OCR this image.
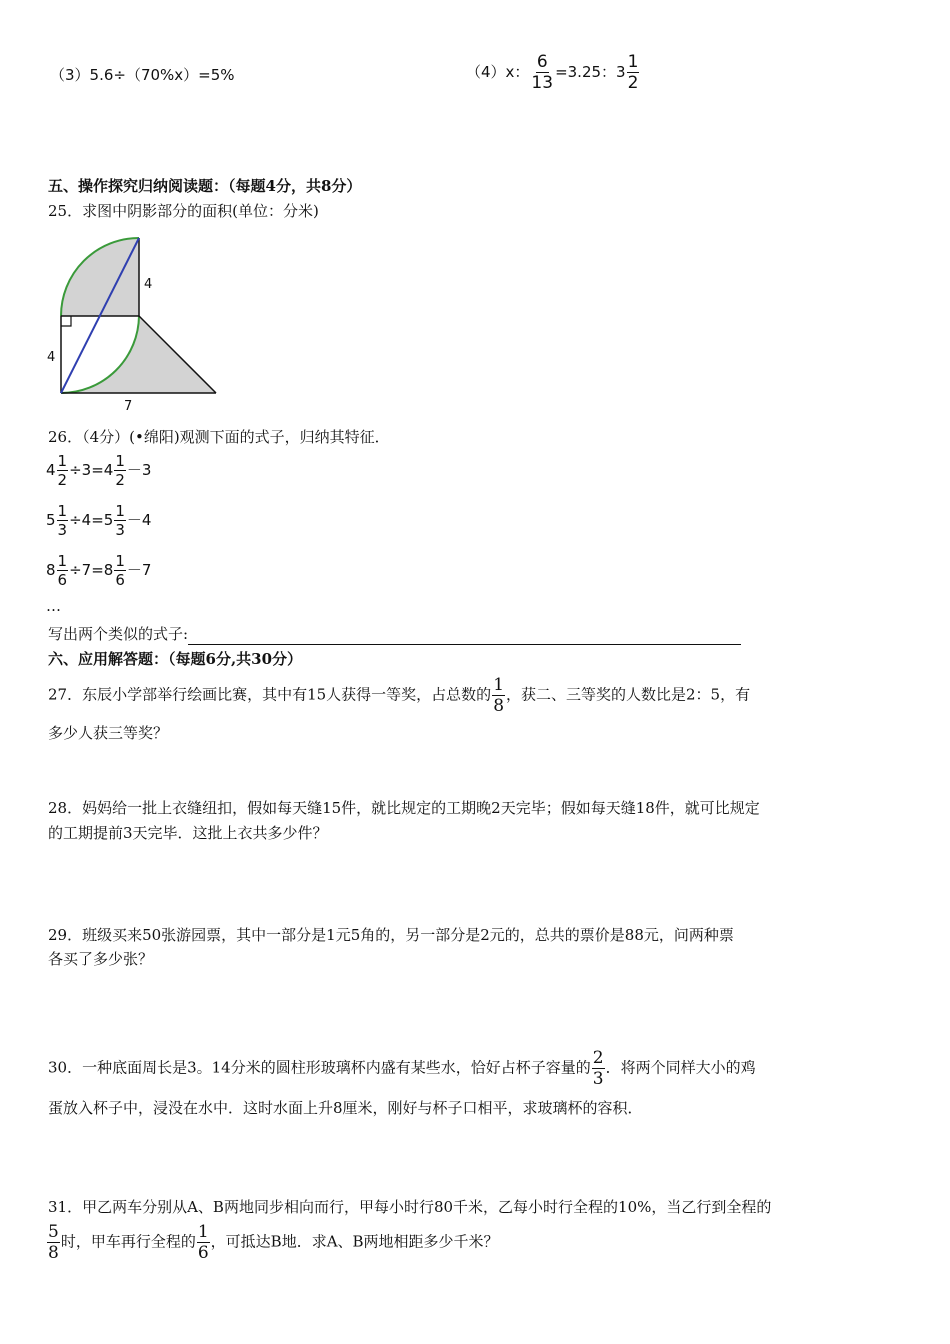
（3）5.6÷（70%x）=5%	（4）x： $\frac{6}{13} =3.25$：$3 \frac{1}{2}$
五、操作探究归纳阅读题：（每题4分，共8分）
25．求图中阴影部分的面积(单位：分米)
4
4
7
26．（4分）(•绵阳)观测下面的式子，归纳其特征．
$4 \frac{1}{2} \div 3=4 \frac{1}{2} -3$
$5 \frac{1}{3} \div 4=5 \frac{1}{3} -4$
$8 \frac{1}{6} \div 7=8 \frac{1}{6} -7$
…
写出两个类似的式子:
六、应用解答题：（每题6分,共30分）
27．东辰小学部举行绘画比赛，其中有15人获得一等奖，占总数的 $\frac{1}{8}$ ，获二、三等奖的人数比是2：5，有
多少人获三等奖？
28．妈妈给一批上衣缝纽扣，假如每天缝15件，就比规定的工期晚2天完毕；假如每天缝18件，就可比规定
的工期提前3天完毕．这批上衣共多少件？
29．班级买来50张游园票，其中一部分是1元5角的，另一部分是2元的，总共的票价是88元，问两种票
各买了多少张？
30．一种底面周长是3。14分米的圆柱形玻璃杯内盛有某些水，恰好占杯子容量的 $\frac{2}{3}$ ．将两个同样大小的鸡
蛋放入杯子中，浸没在水中．这时水面上升8厘米，刚好与杯子口相平，求玻璃杯的容积．
31．甲乙两车分别从A、B两地同步相向而行，甲每小时行80千米，乙每小时行全程的10%，当乙行到全程的
$\frac{5}{8}$ 时，甲车再行全程的 $\frac{1}{6}$ ，可抵达B地．求A、B两地相距多少千米？
